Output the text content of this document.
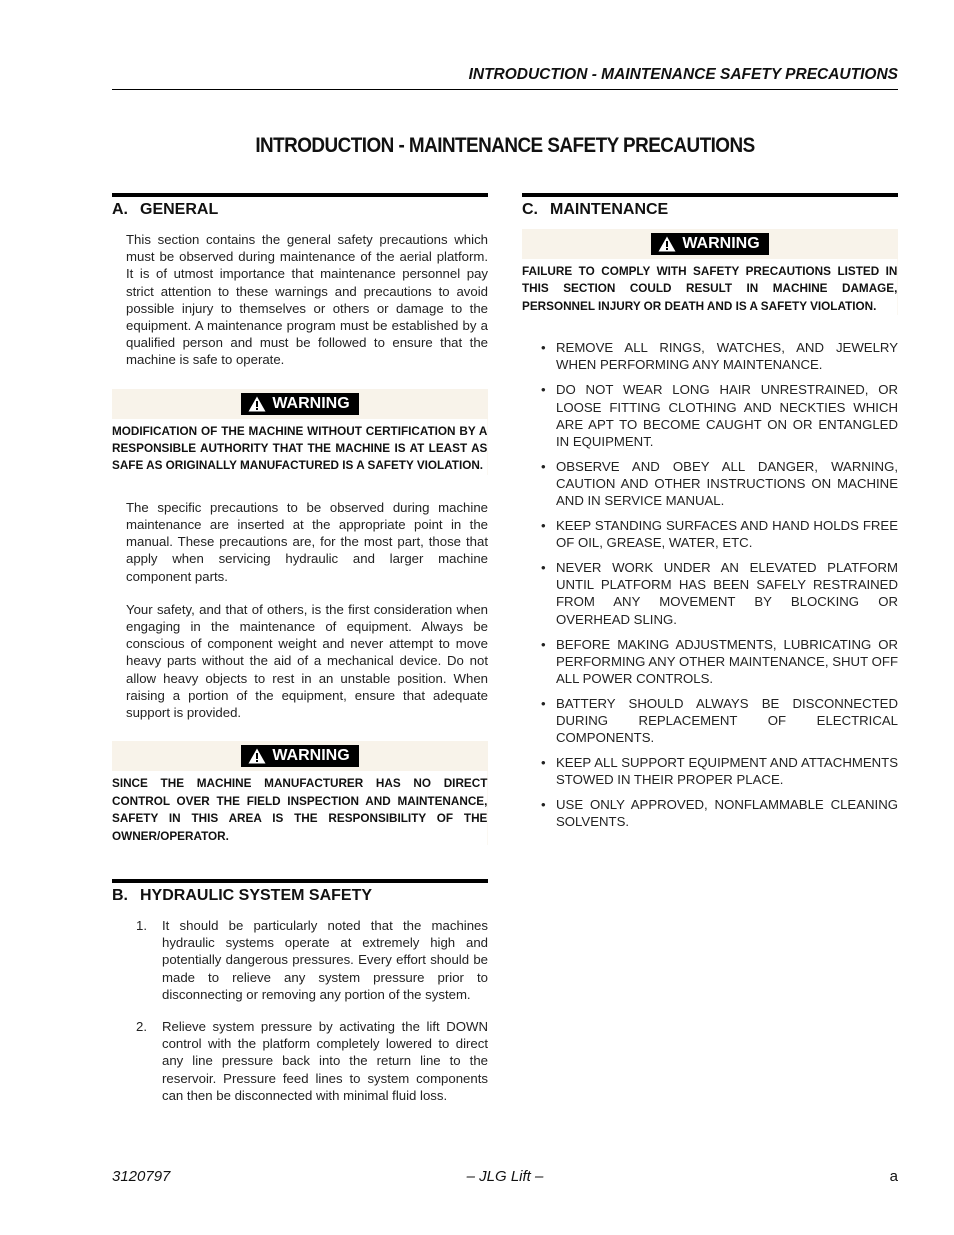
INTRODUCTION - MAINTENANCE SAFETY PRECAUTIONS
INTRODUCTION - MAINTENANCE SAFETY PRECAUTIONS
A. GENERAL

This section contains the general safety precautions which must be observed during maintenance of the aerial platform. It is of utmost importance that maintenance personnel pay strict attention to these warnings and precautions to avoid possible injury to themselves or others or damage to the equipment. A maintenance program must be established by a qualified person and must be followed to ensure that the machine is safe to operate.

WARNING

MODIFICATION OF THE MACHINE WITHOUT CERTIFICATION BY A RESPONSIBLE AUTHORITY THAT THE MACHINE IS AT LEAST AS SAFE AS ORIGINALLY MANUFACTURED IS A SAFETY VIOLATION.

The specific precautions to be observed during machine maintenance are inserted at the appropriate point in the manual. These precautions are, for the most part, those that apply when servicing hydraulic and larger machine component parts.

Your safety, and that of others, is the first consideration when engaging in the maintenance of equipment. Always be conscious of component weight and never attempt to move heavy parts without the aid of a mechanical device. Do not allow heavy objects to rest in an unstable position. When raising a portion of the equipment, ensure that adequate support is provided.

WARNING

SINCE THE MACHINE MANUFACTURER HAS NO DIRECT CONTROL OVER THE FIELD INSPECTION AND MAINTENANCE, SAFETY IN THIS AREA IS THE RESPONSIBILITY OF THE OWNER/OPERATOR.

B. HYDRAULIC SYSTEM SAFETY
1.	It should be particularly noted that the machines hydraulic systems operate at extremely high and potentially dangerous pressures. Every effort should be made to relieve any system pressure prior to disconnecting or removing any portion of the system.
2.	Relieve system pressure by activating the lift DOWN control with the platform completely lowered to direct any line pressure back into the return line to the reservoir. Pressure feed lines to system components can then be disconnected with minimal fluid loss.
C. MAINTENANCE
WARNING

FAILURE TO COMPLY WITH SAFETY PRECAUTIONS LISTED IN THIS SECTION COULD RESULT IN MACHINE DAMAGE, PERSONNEL INJURY OR DEATH AND IS A SAFETY VIOLATION.

• REMOVE ALL RINGS, WATCHES, AND JEWELRY WHEN PERFORMING ANY MAINTENANCE.
• DO NOT WEAR LONG HAIR UNRESTRAINED, OR LOOSE FITTING CLOTHING AND NECKTIES WHICH ARE APT TO BECOME CAUGHT ON OR ENTANGLED IN EQUIPMENT.
• OBSERVE AND OBEY ALL DANGER, WARNING, CAUTION AND OTHER INSTRUCTIONS ON MACHINE AND IN SERVICE MANUAL.
• KEEP STANDING SURFACES AND HAND HOLDS FREE OF OIL, GREASE, WATER, ETC.
• NEVER WORK UNDER AN ELEVATED PLATFORM UNTIL PLATFORM HAS BEEN SAFELY RESTRAINED FROM ANY MOVEMENT BY BLOCKING OR OVERHEAD SLING.
• BEFORE MAKING ADJUSTMENTS, LUBRICATING OR PERFORMING ANY OTHER MAINTENANCE, SHUT OFF ALL POWER CONTROLS.
• BATTERY SHOULD ALWAYS BE DISCONNECTED DURING REPLACEMENT OF ELECTRICAL COMPONENTS.
• KEEP ALL SUPPORT EQUIPMENT AND ATTACHMENTS STOWED IN THEIR PROPER PLACE.
• USE ONLY APPROVED, NONFLAMMABLE CLEANING SOLVENTS.
3120797	– JLG Lift –	a
